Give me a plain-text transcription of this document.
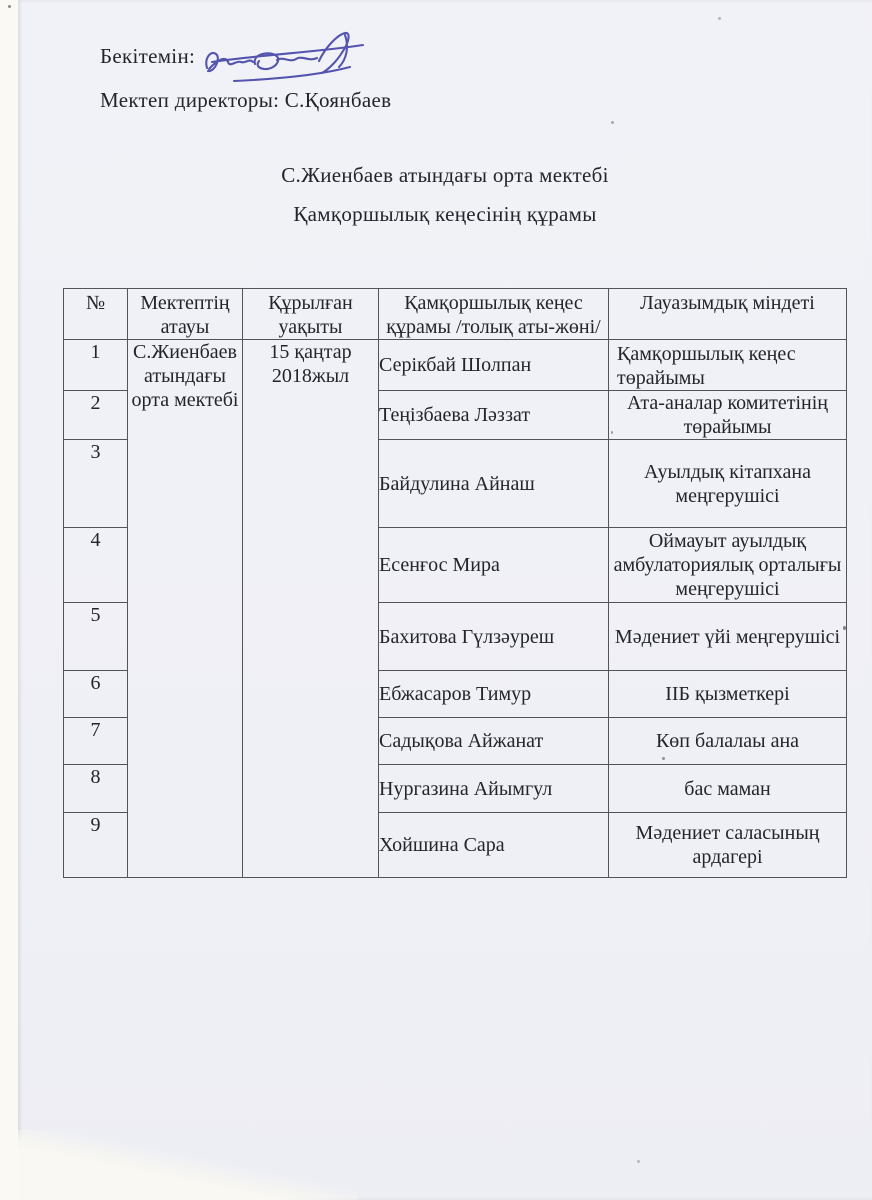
Бекітемін:
Мектеп директоры: С.Қоянбаев
С.Жиенбаев атындағы орта мектебі
Қамқоршылық кеңесінің құрамы
№	Мектептің атауы	Құрылған уақыты	Қамқоршылық кеңес құрамы /толық аты-жөні/	Лауазымдық міндеті
1	С.Жиенбаев атындағы орта мектебі	15 қаңтар 2018жыл	Серікбай Шолпан	Қамқоршылық кеңес төрайымы
2			Теңізбаева Ләззат	Ата-аналар комитетінің төрайымы
3			Байдулина Айнаш	Ауылдық кітапхана меңгерушісі
4			Есенғос Мира	Оймауыт ауылдық амбулаториялық орталығы меңгерушісі
5			Бахитова Гүлзәуреш	Мәдениет үйі меңгерушісі
6			Ебжасаров Тимур	ІІБ қызметкері
7			Садықова Айжанат	Көп балалаы ана
8			Нургазина Айымгул	бас маман
9			Хойшина Сара	Мәдениет саласының ардагері
